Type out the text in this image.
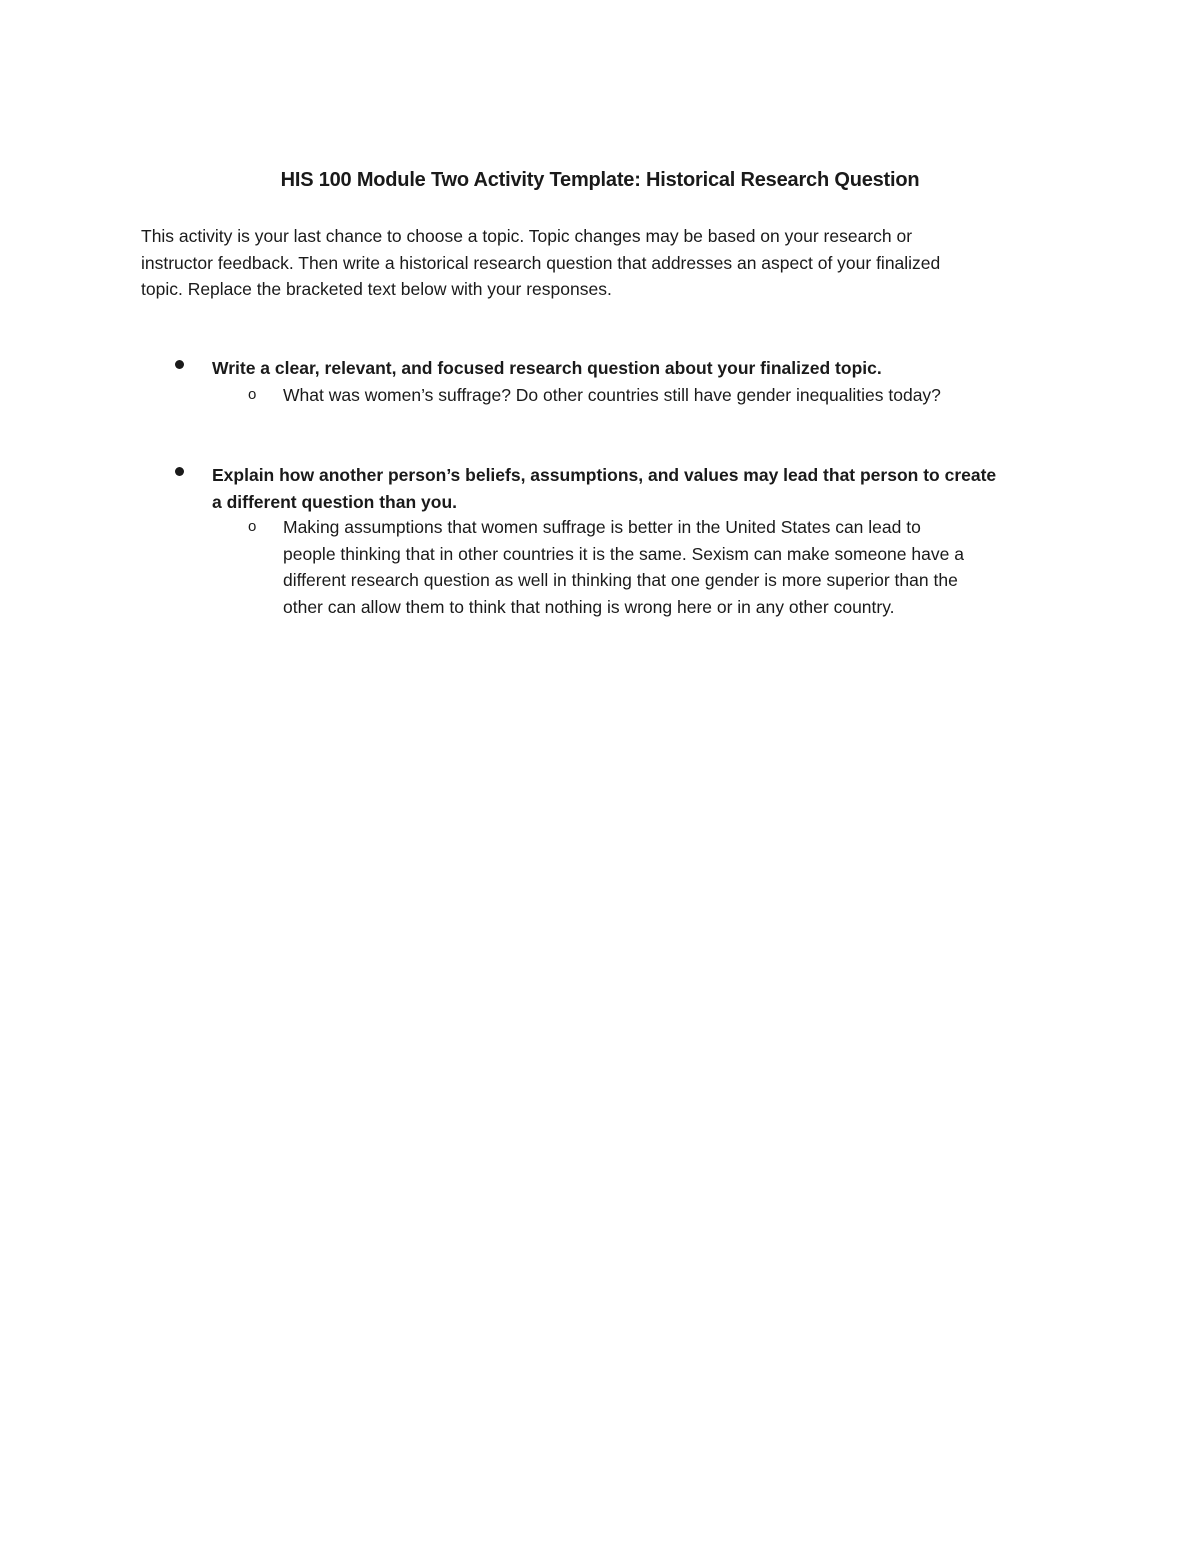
HIS 100 Module Two Activity Template: Historical Research Question

This activity is your last chance to choose a topic. Topic changes may be based on your research or
instructor feedback. Then write a historical research question that addresses an aspect of your finalized
topic. Replace the bracketed text below with your responses.

Write a clear, relevant, and focused research question about your finalized topic.
o What was women’s suffrage? Do other countries still have gender inequalities today?
Explain how another person’s beliefs, assumptions, and values may lead that person to create
a different question than you.
o Making assumptions that women suffrage is better in the United States can lead to
people thinking that in other countries it is the same. Sexism can make someone have a
different research question as well in thinking that one gender is more superior than the
other can allow them to think that nothing is wrong here or in any other country.
